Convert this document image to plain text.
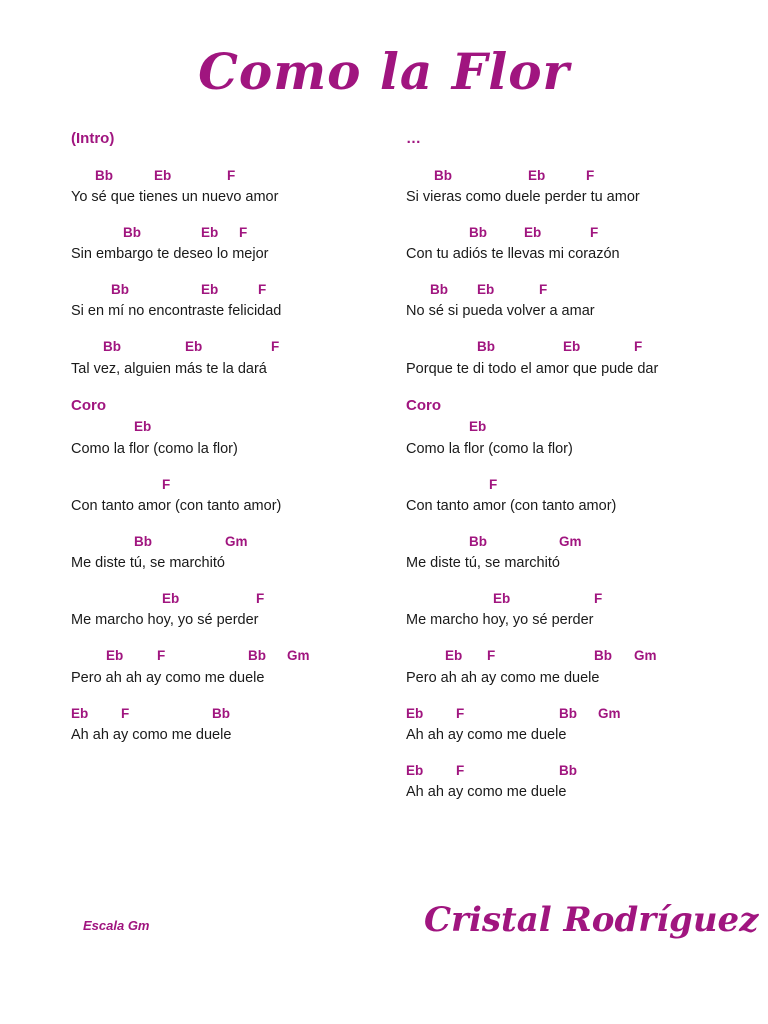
Como la Flor
(Intro)
Bb	Eb	F
Yo sé que tienes un nuevo amor
Bb	Eb F
Sin embargo te deseo lo mejor
Bb	Eb	F
Si en mí no encontraste felicidad
Bb	Eb	F
Tal vez, alguien más te la dará
Coro
Eb
Como la flor (como la flor)
F
Con tanto amor (con tanto amor)
Bb	Gm
Me diste tú, se marchitó
Eb	F
Me marcho hoy, yo sé perder
Eb F	Bb Gm
Pero ah ah ay como me duele
Eb F	Bb
Ah ah ay como me duele
…
Bb	Eb	F
Si vieras como duele perder tu amor
Bb	Eb	F
Con tu adiós te llevas mi corazón
Bb Eb	F
No sé si pueda volver a amar
Bb	Eb	F
Porque te di todo el amor que pude dar
Coro
Eb
Como la flor (como la flor)
F
Con tanto amor (con tanto amor)
Bb	Gm
Me diste tú, se marchitó
Eb	F
Me marcho hoy, yo sé perder
Eb F	Bb Gm
Pero ah ah ay como me duele
Eb F	Bb Gm
Ah ah ay como me duele
Eb F	Bb
Ah ah ay como me duele
Escala Gm	Cristal Rodríguez
